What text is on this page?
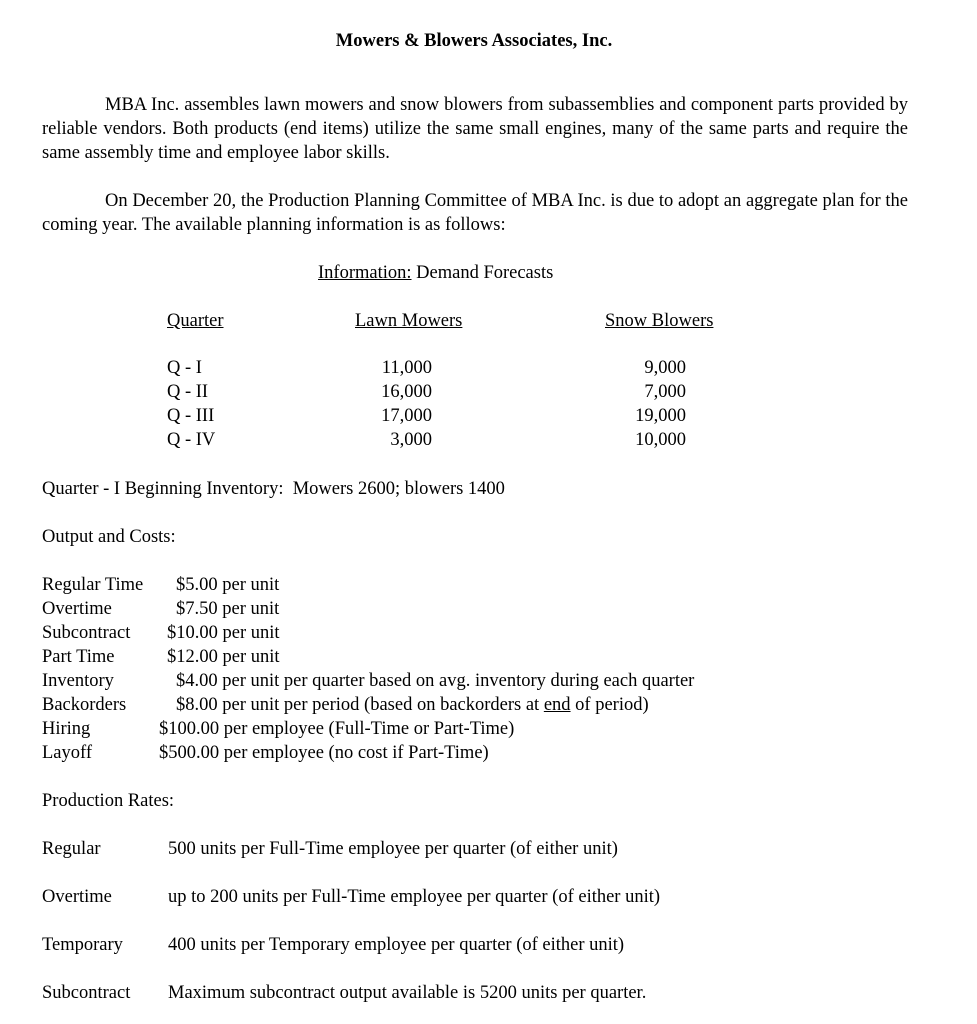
Mowers & Blowers Associates, Inc.
MBA Inc. assembles lawn mowers and snow blowers from subassemblies and component parts provided by reliable vendors. Both products (end items) utilize the same small engines, many of the same parts and require the same assembly time and employee labor skills.
On December 20, the Production Planning Committee of MBA Inc. is due to adopt an aggregate plan for the coming year. The available planning information is as follows:
Information: Demand Forecasts
Quarter	Lawn Mowers	Snow Blowers
Q - I	11,000	9,000
Q - II	16,000	7,000
Q - III	17,000	19,000
Q - IV	3,000	10,000
Quarter - I Beginning Inventory:  Mowers 2600; blowers 1400
Output and Costs:
Regular Time $5.00 per unit
Overtime	$7.50 per unit
Subcontract $10.00 per unit
Part Time	$12.00 per unit
Inventory	$4.00 per unit per quarter based on avg. inventory during each quarter
Backorders	$8.00 per unit per period (based on backorders at end of period)
Hiring	$100.00 per employee (Full-Time or Part-Time)
Layoff	$500.00 per employee (no cost if Part-Time)
Production Rates:
Regular	500 units per Full-Time employee per quarter (of either unit)
Overtime	up to 200 units per Full-Time employee per quarter (of either unit)
Temporary 400 units per Temporary employee per quarter (of either unit)
Subcontract Maximum subcontract output available is 5200 units per quarter.
